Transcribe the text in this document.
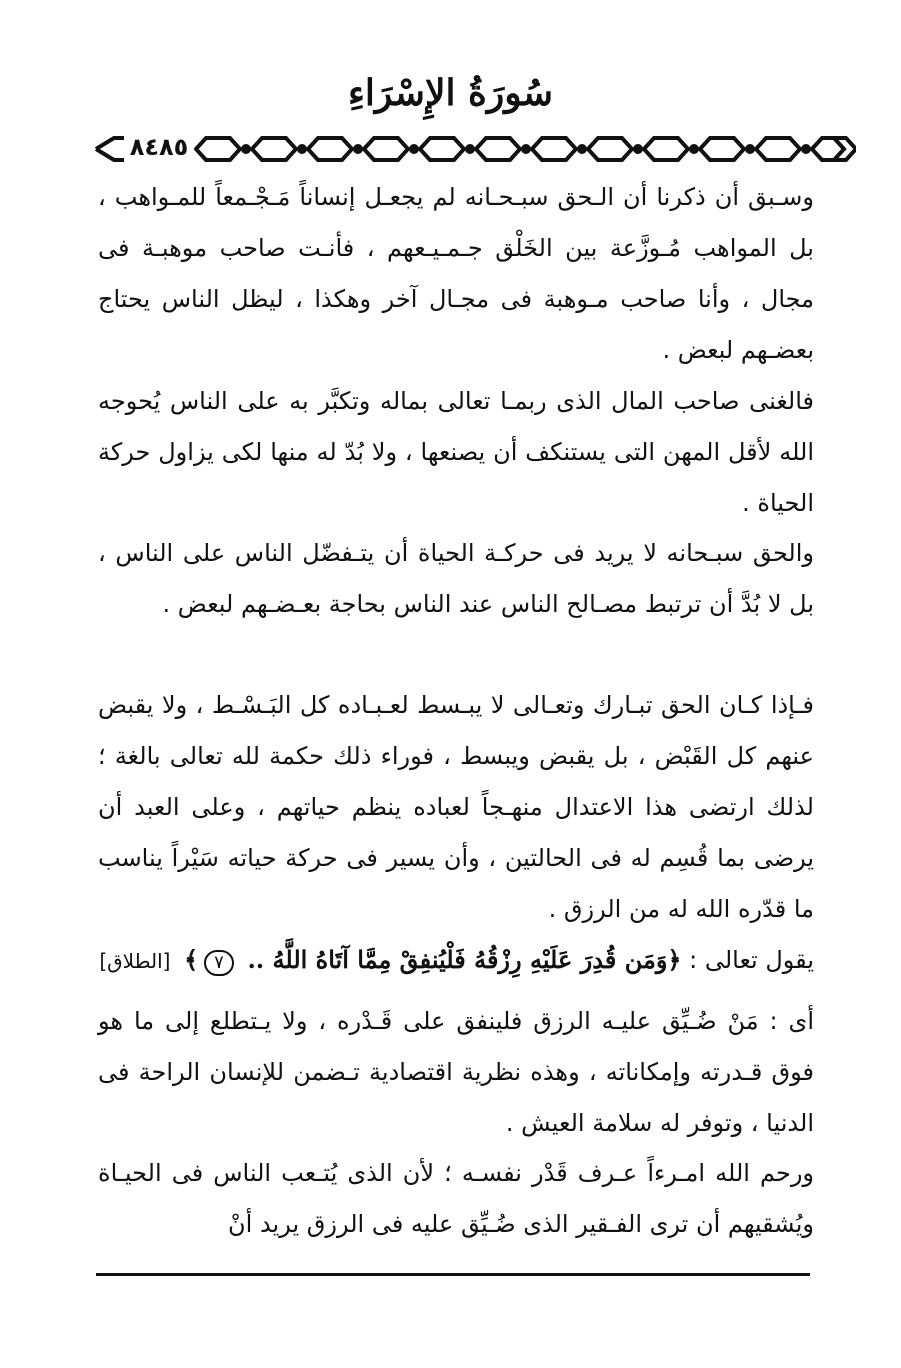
سُورَةُ الإِسْرَاءِ
٨٤٨٥

وسـبق أن ذكرنا أن الـحق سبـحـانه لم يجعـل إنساناً مَـجْـمعاً للمـواهب ، بل المواهب مُـوزَّعة بين الخَلْق جـمـيـعهم ، فأنـت صاحب موهبـة فى مجال ، وأنا صاحب مـوهبة فى مجـال آخر وهكذا ، ليظل الناس يحتاج بعضـهم لبعض .

فالغنى صاحب المال الذى ربمـا تعالى بماله وتكبَّر به على الناس يُحوجه الله لأقل المهن التى يستنكف أن يصنعها ، ولا بُدّ له منها لكى يزاول حركة الحياة .

والحق سبـحانه لا يريد فى حركـة الحياة أن يتـفضّل الناس على الناس ، بل لا بُدَّ أن ترتبط مصـالح الناس عند الناس بحاجة بعـضـهم لبعض .

فـإذا كـان الحق تبـارك وتعـالى لا يبـسط لعـبـاده كل البَـسْـط ، ولا يقبض عنهم كل القَبْض ، بل يقبض ويبسط ، فوراء ذلك حكمة لله تعالى بالغة ؛ لذلك ارتضى هذا الاعتدال منهـجاً لعباده ينظم حياتهم ، وعلى العبد أن يرضى بما قُسِم له فى الحالتين ، وأن يسير فى حركة حياته سَيْراً يناسب ما قدّره الله له من الرزق .

يقول تعالى : ﴿وَمَن قُدِرَ عَلَيْهِ رِزْقُهُ فَلْيُنفِقْ مِمَّا آتَاهُ اللَّهُ .. ٧﴾ [الطلاق]

أى : مَنْ ضُـيِّق عليـه الرزق فلينفق على قَـدْره ، ولا يـتطلع إلى ما هو فوق قـدرته وإمكاناته ، وهذه نظرية اقتصادية تـضمن للإنسان الراحة فى الدنيا ، وتوفر له سلامة العيش .

ورحم الله امـرءاً عـرف قَدْر نفسـه ؛ لأن الذى يُتـعب الناس فى الحيـاة ويُشقيهم أن ترى الفـقير الذى ضُـيِّق عليه فى الرزق يريد أنْ
